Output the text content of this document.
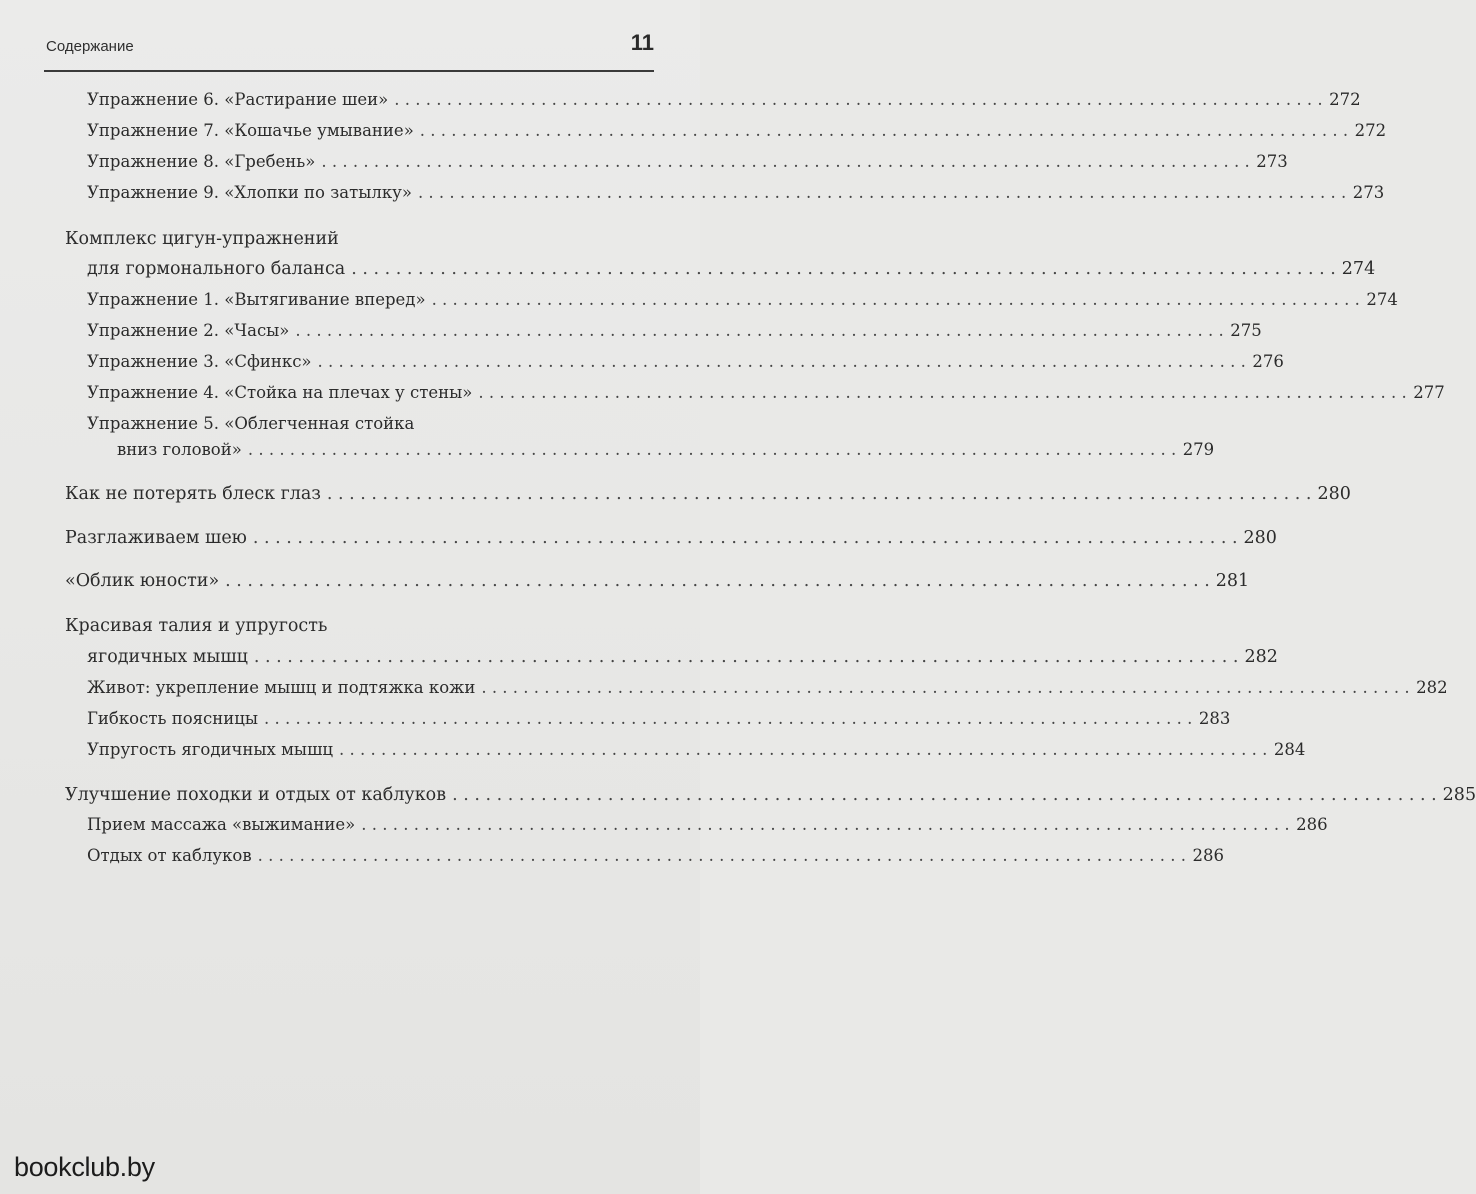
Содержание	11
Упражнение 6. «Растирание шеи» . . .	272
Упражнение 7. «Кошачье умывание» . . .	272
Упражнение 8. «Гребень» . . .	273
Упражнение 9. «Хлопки по затылку» . . .	273
Комплекс цигун-упражнений
для гормонального баланса . . .	274
Упражнение 1. «Вытягивание вперед» . . .	274
Упражнение 2. «Часы» . . .	275
Упражнение 3. «Сфинкс» . . .	276
Упражнение 4. «Стойка на плечах у стены» . . .	277
Упражнение 5. «Облегченная стойка
вниз головой» . . .	279
Как не потерять блеск глаз . . .	280
Разглаживаем шею . . .	280
«Облик юности» . . .	281
Красивая талия и упругость
ягодичных мышц . . .	282
Живот: укрепление мышц и подтяжка кожи . . .	282
Гибкость поясницы . . .	283
Упругость ягодичных мышц . . .	284
Улучшение походки и отдых от каблуков . . .	285
Прием массажа «выжимание» . . .	286
Отдых от каблуков . . .	286
bookclub.by
